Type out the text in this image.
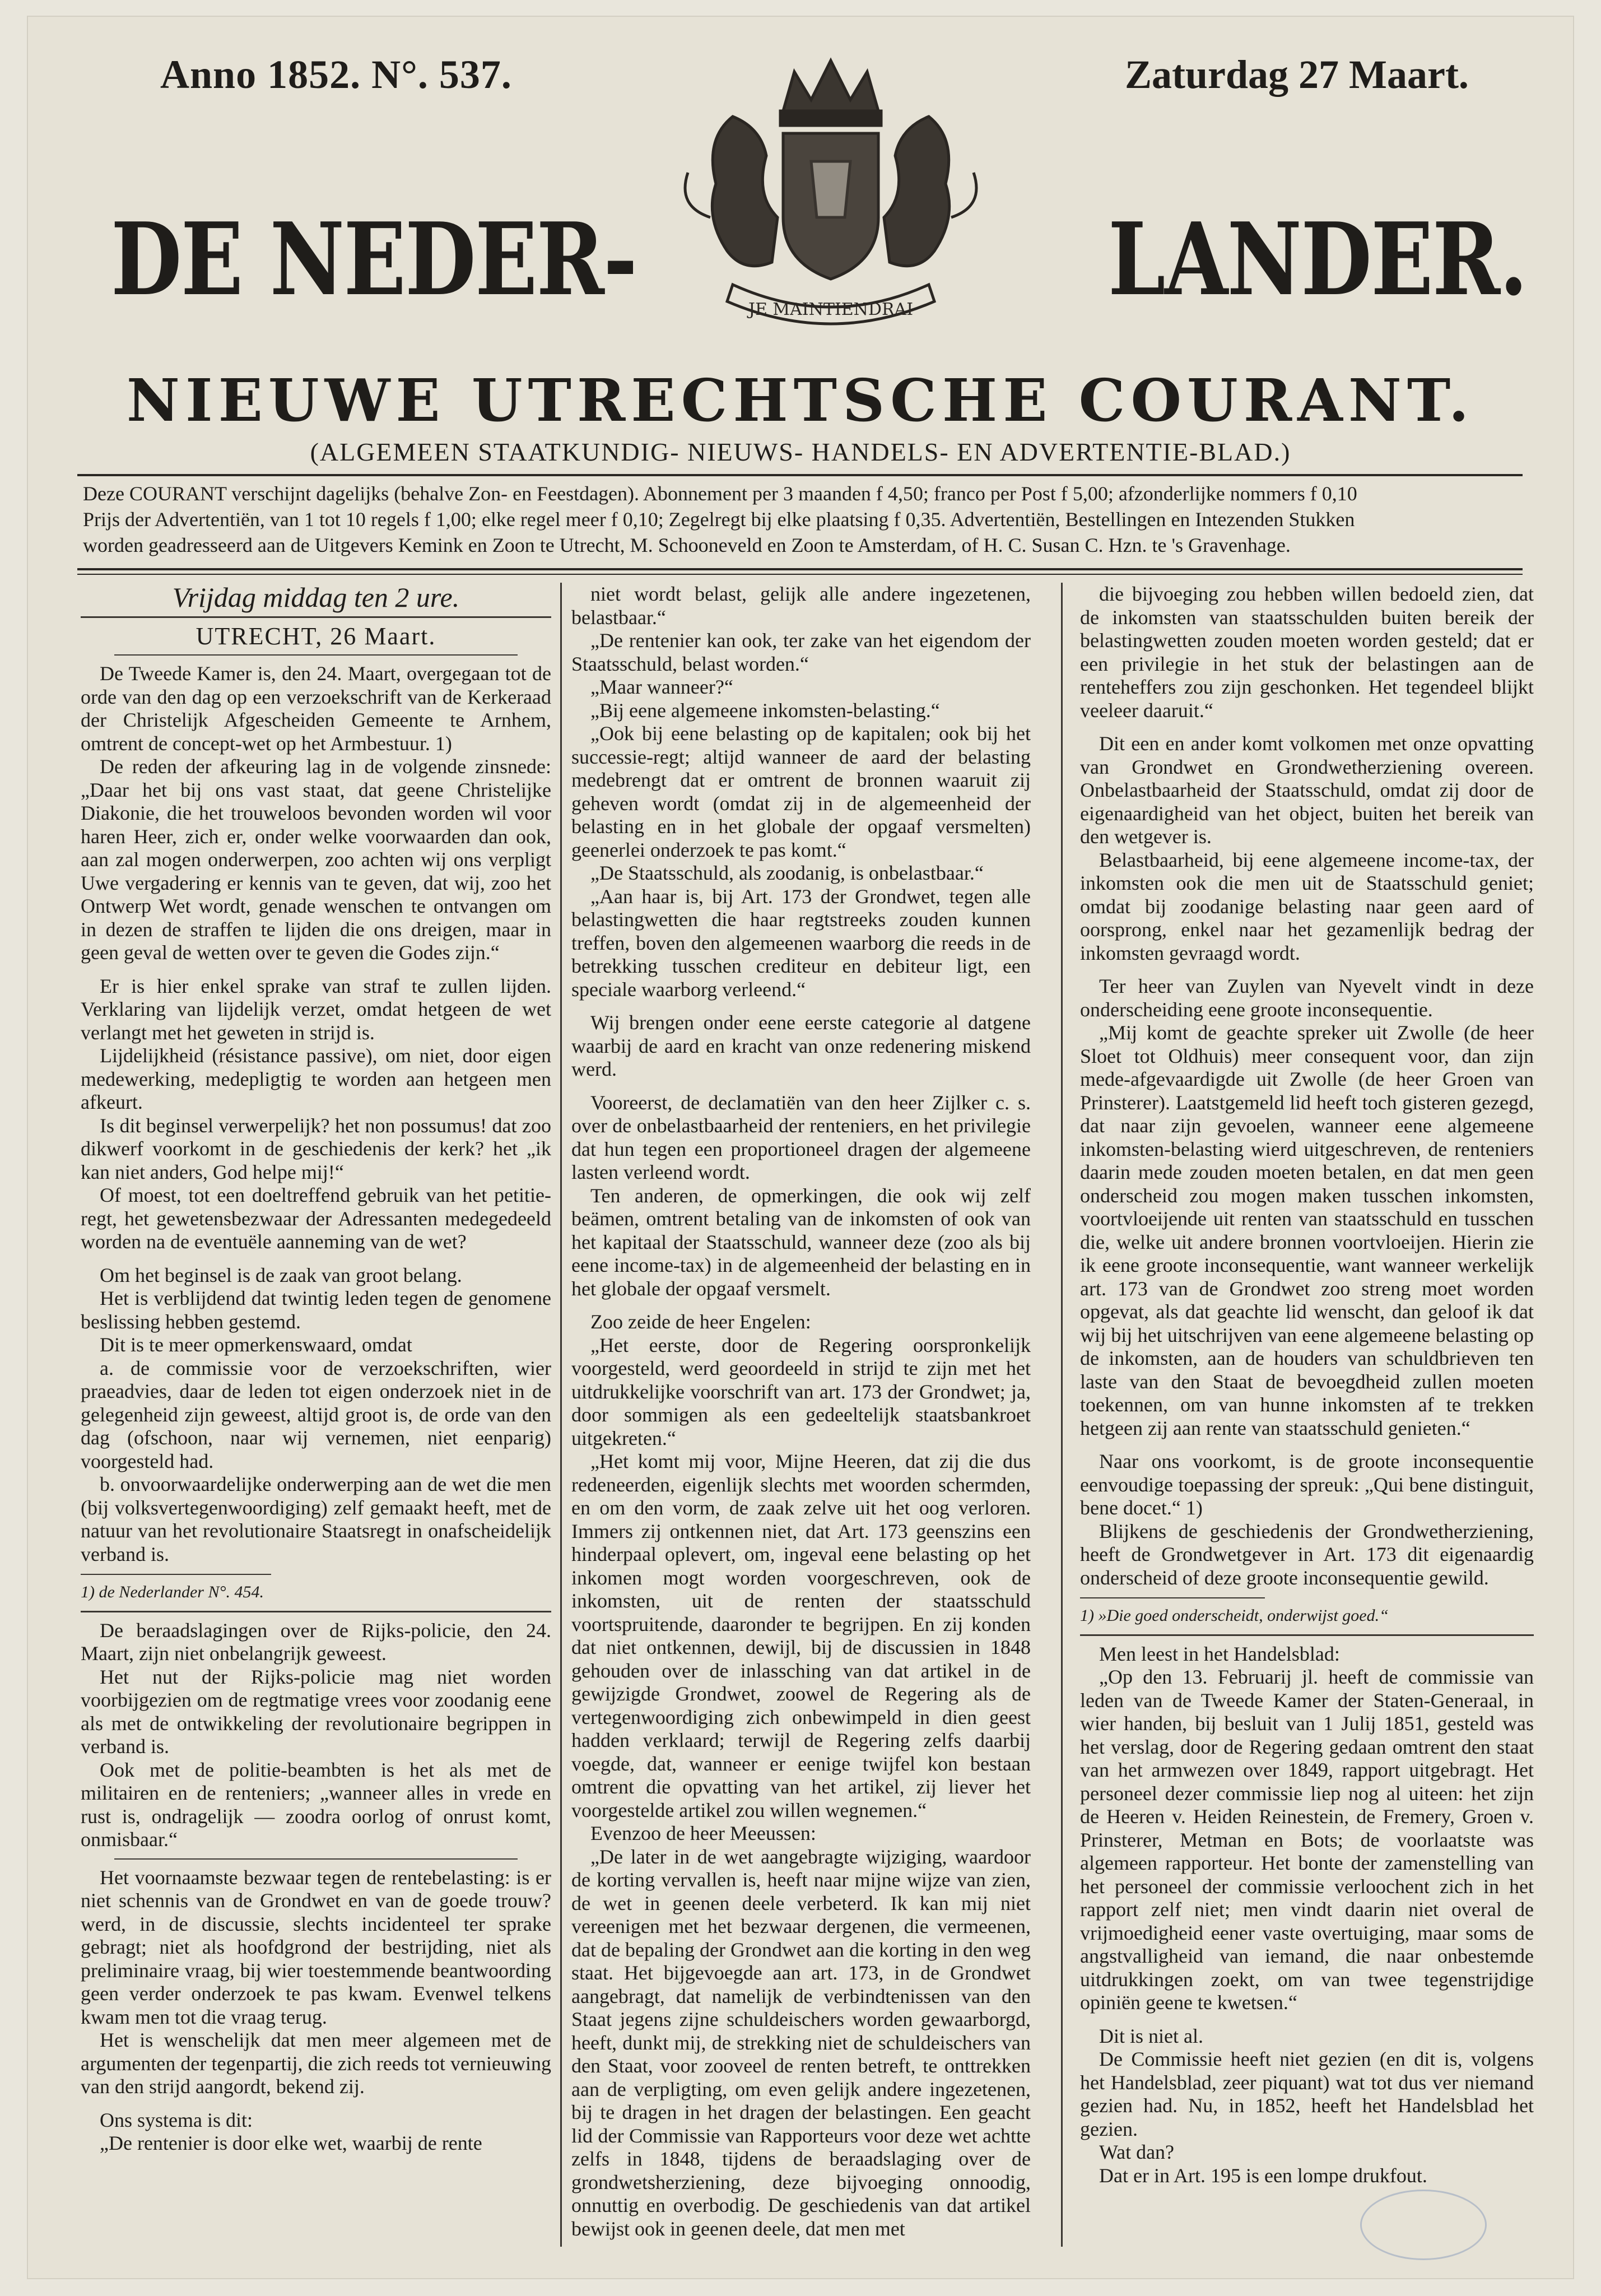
Anno 1852. N°. 537.	Zaturdag 27 Maart.
DE NEDER-	LANDER.
JE MAINTIENDRAI
NIEUWE UTRECHTSCHE COURANT.
(ALGEMEEN STAATKUNDIG- NIEUWS- HANDELS- EN ADVERTENTIE-BLAD.)

Deze COURANT verschijnt dagelijks (behalve Zon- en Feestdagen). Abonnement per 3 maanden f 4,50; franco per Post f 5,00; afzonderlijke nommers f 0,10

Prijs der Advertentiën, van 1 tot 10 regels f 1,00; elke regel meer f 0,10; Zegelregt bij elke plaatsing f 0,35. Advertentiën, Bestellingen en Intezenden Stukken

worden geadresseerd aan de Uitgevers Kemink en Zoon te Utrecht, M. Schooneveld en Zoon te Amsterdam, of H. C. Susan C. Hzn. te 's Gravenhage.

Vrijdag middag ten 2 ure.

UTRECHT, 26 Maart.

De Tweede Kamer is, den 24. Maart, overgegaan tot de orde van den dag op een verzoekschrift van de Kerkeraad der Christelijk Afgescheiden Gemeente te Arnhem, omtrent de concept-wet op het Armbestuur. 1)

De reden der afkeuring lag in de volgende zinsnede: „Daar het bij ons vast staat, dat geene Christelijke Diakonie, die het trouweloos bevonden worden wil voor haren Heer, zich er, onder welke voorwaarden dan ook, aan zal mogen onderwerpen, zoo achten wij ons verpligt Uwe vergadering er kennis van te geven, dat wij, zoo het Ontwerp Wet wordt, genade wenschen te ontvangen om in dezen de straffen te lijden die ons dreigen, maar in geen geval de wetten over te geven die Godes zijn.“

Er is hier enkel sprake van straf te zullen lijden. Verklaring van lijdelijk verzet, omdat hetgeen de wet verlangt met het geweten in strijd is.

Lijdelijkheid (résistance passive), om niet, door eigen medewerking, medepligtig te worden aan hetgeen men afkeurt.

Is dit beginsel verwerpelijk? het non possumus! dat zoo dikwerf voorkomt in de geschiedenis der kerk? het „ik kan niet anders, God helpe mij!“

Of moest, tot een doeltreffend gebruik van het petitie-regt, het gewetensbezwaar der Adressanten medegedeeld worden na de eventuële aanneming van de wet?

Om het beginsel is de zaak van groot belang.

Het is verblijdend dat twintig leden tegen de genomene beslissing hebben gestemd.

Dit is te meer opmerkenswaard, omdat

a. de commissie voor de verzoekschriften, wier praeadvies, daar de leden tot eigen onderzoek niet in de gelegenheid zijn geweest, altijd groot is, de orde van den dag (ofschoon, naar wij vernemen, niet eenparig) voorgesteld had.

b. onvoorwaardelijke onderwerping aan de wet die men (bij volksvertegenwoordiging) zelf gemaakt heeft, met de natuur van het revolutionaire Staatsregt in onafscheidelijk verband is.

1) de Nederlander N°. 454.

De beraadslagingen over de Rijks-policie, den 24. Maart, zijn niet onbelangrijk geweest.

Het nut der Rijks-policie mag niet worden voorbijgezien om de regtmatige vrees voor zoodanig eene als met de ontwikkeling der revolutionaire begrippen in verband is.

Ook met de politie-beambten is het als met de militairen en de renteniers; „wanneer alles in vrede en rust is, ondragelijk — zoodra oorlog of onrust komt, onmisbaar.“

Het voornaamste bezwaar tegen de rentebelasting: is er niet schennis van de Grondwet en van de goede trouw? werd, in de discussie, slechts incidenteel ter sprake gebragt; niet als hoofdgrond der bestrijding, niet als preliminaire vraag, bij wier toestemmende beantwoording geen verder onderzoek te pas kwam. Evenwel telkens kwam men tot die vraag terug.

Het is wenschelijk dat men meer algemeen met de argumenten der tegenpartij, die zich reeds tot vernieuwing van den strijd aangordt, bekend zij.

Ons systema is dit:

„De rentenier is door elke wet, waarbij de rente

niet wordt belast, gelijk alle andere ingezetenen, belastbaar.“

„De rentenier kan ook, ter zake van het eigendom der Staatsschuld, belast worden.“

„Maar wanneer?“

„Bij eene algemeene inkomsten-belasting.“

„Ook bij eene belasting op de kapitalen; ook bij het successie-regt; altijd wanneer de aard der belasting medebrengt dat er omtrent de bronnen waaruit zij geheven wordt (omdat zij in de algemeenheid der belasting en in het globale der opgaaf versmelten) geenerlei onderzoek te pas komt.“

„De Staatsschuld, als zoodanig, is onbelastbaar.“

„Aan haar is, bij Art. 173 der Grondwet, tegen alle belastingwetten die haar regtstreeks zouden kunnen treffen, boven den algemeenen waarborg die reeds in de betrekking tusschen crediteur en debiteur ligt, een speciale waarborg verleend.“

Wij brengen onder eene eerste categorie al datgene waarbij de aard en kracht van onze redenering miskend werd.

Vooreerst, de declamatiën van den heer Zijlker c. s. over de onbelastbaarheid der renteniers, en het privilegie dat hun tegen een proportioneel dragen der algemeene lasten verleend wordt.

Ten anderen, de opmerkingen, die ook wij zelf beämen, omtrent betaling van de inkomsten of ook van het kapitaal der Staatsschuld, wanneer deze (zoo als bij eene income-tax) in de algemeenheid der belasting en in het globale der opgaaf versmelt.

Zoo zeide de heer Engelen:

„Het eerste, door de Regering oorspronkelijk voorgesteld, werd geoordeeld in strijd te zijn met het uitdrukkelijke voorschrift van art. 173 der Grondwet; ja, door sommigen als een gedeeltelijk staatsbankroet uitgekreten.“

„Het komt mij voor, Mijne Heeren, dat zij die dus redeneerden, eigenlijk slechts met woorden schermden, en om den vorm, de zaak zelve uit het oog verloren. Immers zij ontkennen niet, dat Art. 173 geenszins een hinderpaal oplevert, om, ingeval eene belasting op het inkomen mogt worden voorgeschreven, ook de inkomsten, uit de renten der staatsschuld voortspruitende, daaronder te begrijpen. En zij konden dat niet ontkennen, dewijl, bij de discussien in 1848 gehouden over de inlassching van dat artikel in de gewijzigde Grondwet, zoowel de Regering als de vertegenwoordiging zich onbewimpeld in dien geest hadden verklaard; terwijl de Regering zelfs daarbij voegde, dat, wanneer er eenige twijfel kon bestaan omtrent die opvatting van het artikel, zij liever het voorgestelde artikel zou willen wegnemen.“

Evenzoo de heer Meeussen:

„De later in de wet aangebragte wijziging, waardoor de korting vervallen is, heeft naar mijne wijze van zien, de wet in geenen deele verbeterd. Ik kan mij niet vereenigen met het bezwaar dergenen, die vermeenen, dat de bepaling der Grondwet aan die korting in den weg staat. Het bijgevoegde aan art. 173, in de Grondwet aangebragt, dat namelijk de verbindtenissen van den Staat jegens zijne schuldeischers worden gewaarborgd, heeft, dunkt mij, de strekking niet de schuldeischers van den Staat, voor zooveel de renten betreft, te onttrekken aan de verpligting, om even gelijk andere ingezetenen, bij te dragen in het dragen der belastingen. Een geacht lid der Commissie van Rapporteurs voor deze wet achtte zelfs in 1848, tijdens de beraadslaging over de grondwetsherziening, deze bijvoeging onnoodig, onnuttig en overbodig. De geschiedenis van dat artikel bewijst ook in geenen deele, dat men met

die bijvoeging zou hebben willen bedoeld zien, dat de inkomsten van staatsschulden buiten bereik der belastingwetten zouden moeten worden gesteld; dat er een privilegie in het stuk der belastingen aan de renteheffers zou zijn geschonken. Het tegendeel blijkt veeleer daaruit.“

Dit een en ander komt volkomen met onze opvatting van Grondwet en Grondwetherziening overeen. Onbelastbaarheid der Staatsschuld, omdat zij door de eigenaardigheid van het object, buiten het bereik van den wetgever is.

Belastbaarheid, bij eene algemeene income-tax, der inkomsten ook die men uit de Staatsschuld geniet; omdat bij zoodanige belasting naar geen aard of oorsprong, enkel naar het gezamenlijk bedrag der inkomsten gevraagd wordt.

Ter heer van Zuylen van Nyevelt vindt in deze onderscheiding eene groote inconsequentie.

„Mij komt de geachte spreker uit Zwolle (de heer Sloet tot Oldhuis) meer consequent voor, dan zijn mede-afgevaardigde uit Zwolle (de heer Groen van Prinsterer). Laatstgemeld lid heeft toch gisteren gezegd, dat naar zijn gevoelen, wanneer eene algemeene inkomsten-belasting wierd uitgeschreven, de renteniers daarin mede zouden moeten betalen, en dat men geen onderscheid zou mogen maken tusschen inkomsten, voortvloeijende uit renten van staatsschuld en tusschen die, welke uit andere bronnen voortvloeijen. Hierin zie ik eene groote inconsequentie, want wanneer werkelijk art. 173 van de Grondwet zoo streng moet worden opgevat, als dat geachte lid wenscht, dan geloof ik dat wij bij het uitschrijven van eene algemeene belasting op de inkomsten, aan de houders van schuldbrieven ten laste van den Staat de bevoegdheid zullen moeten toekennen, om van hunne inkomsten af te trekken hetgeen zij aan rente van staatsschuld genieten.“

Naar ons voorkomt, is de groote inconsequentie eenvoudige toepassing der spreuk: „Qui bene distinguit, bene docet.“ 1)

Blijkens de geschiedenis der Grondwetherziening, heeft de Grondwetgever in Art. 173 dit eigenaardig onderscheid of deze groote inconsequentie gewild.

1) »Die goed onderscheidt, onderwijst goed.“

Men leest in het Handelsblad:

„Op den 13. Februarij jl. heeft de commissie van leden van de Tweede Kamer der Staten-Generaal, in wier handen, bij besluit van 1 Julij 1851, gesteld was het verslag, door de Regering gedaan omtrent den staat van het armwezen over 1849, rapport uitgebragt. Het personeel dezer commissie liep nog al uiteen: het zijn de Heeren v. Heiden Reinestein, de Fremery, Groen v. Prinsterer, Metman en Bots; de voorlaatste was algemeen rapporteur. Het bonte der zamenstelling van het personeel der commissie verloochent zich in het rapport zelf niet; men vindt daarin niet overal de vrijmoedigheid eener vaste overtuiging, maar soms de angstvalligheid van iemand, die naar onbestemde uitdrukkingen zoekt, om van twee tegenstrijdige opiniën geene te kwetsen.“

Dit is niet al.

De Commissie heeft niet gezien (en dit is, volgens het Handelsblad, zeer piquant) wat tot dus ver niemand gezien had. Nu, in 1852, heeft het Handelsblad het gezien.

Wat dan?

Dat er in Art. 195 is een lompe drukfout.
